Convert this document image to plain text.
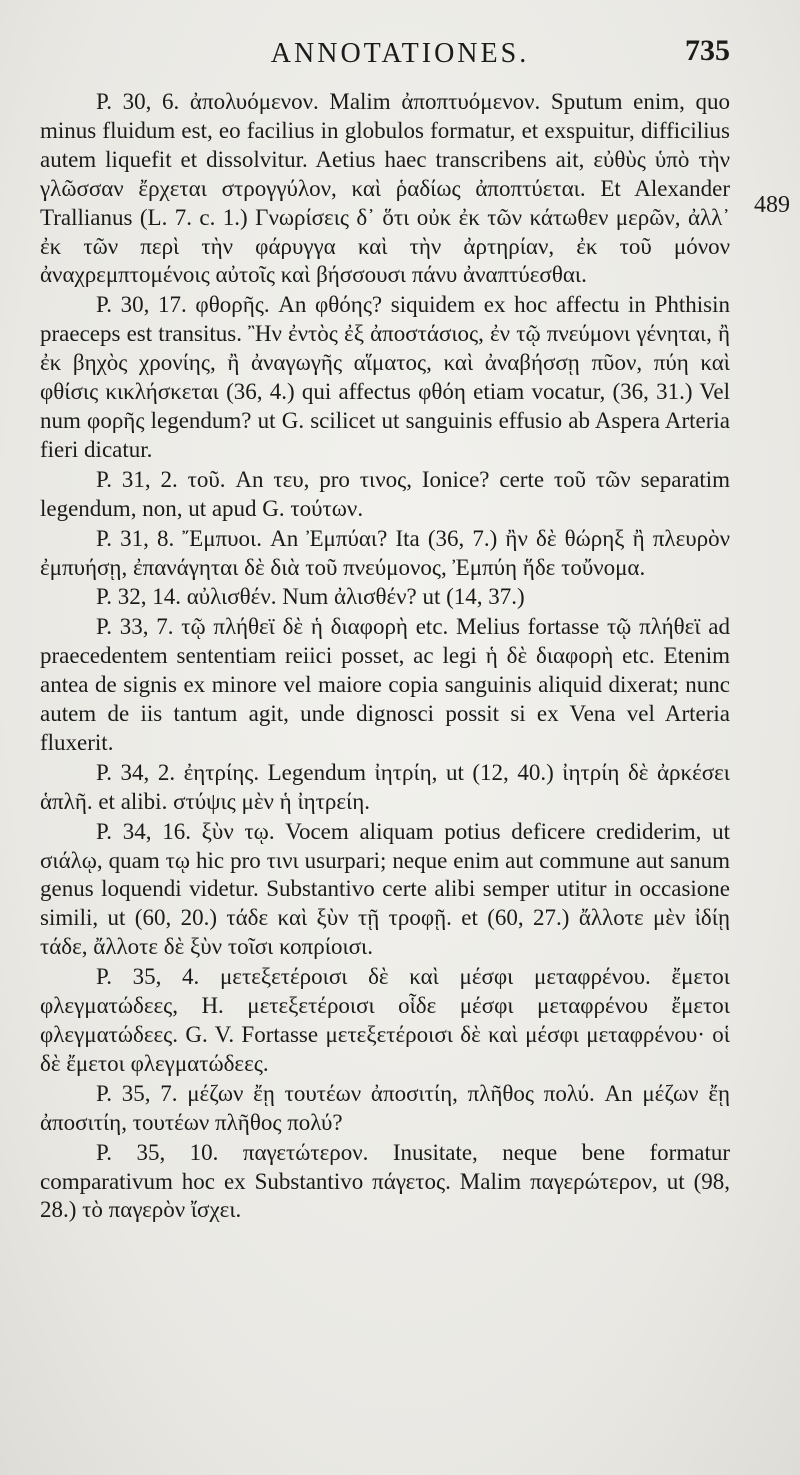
ANNOTATIONES.	735
489

P. 30, 6. ἀπολυόμενον. Malim ἀποπτυόμενον. Sputum enim, quo minus fluidum est, eo facilius in globulos formatur, et exspuitur, difficilius autem liquefit et dissolvitur. Aetius haec transcribens ait, εὐθὺς ὑπὸ τὴν γλῶσσαν ἔρχεται στρογγύλον, καὶ ῥαδίως ἀποπτύεται. Et Alexander Trallianus (L. 7. c. 1.) Γνωρίσεις δ᾽ ὅτι οὐκ ἐκ τῶν κάτωθεν μερῶν, ἀλλ᾽ ἐκ τῶν περὶ τὴν φάρυγγα καὶ τὴν ἀρτηρίαν, ἐκ τοῦ μόνον ἀναχρεμπτομένοις αὐτοῖς καὶ βήσσουσι πάνυ ἀναπτύεσθαι.

P. 30, 17. φθορῆς. An φθόης? siquidem ex hoc affectu in Phthisin praeceps est transitus. Ἢν ἐντὸς ἐξ ἀποστάσιος, ἐν τῷ πνεύμονι γένηται, ἢ ἐκ βηχὸς χρονίης, ἢ ἀναγωγῆς αἵματος, καὶ ἀναβήσσῃ πῦον, πύη καὶ φθίσις κικλήσκεται (36, 4.) qui affectus φθόη etiam vocatur, (36, 31.) Vel num φορῆς legendum? ut G. scilicet ut sanguinis effusio ab Aspera Arteria fieri dicatur.

P. 31, 2. τοῦ. An τευ, pro τινος, Ionice? certe τοῦ τῶν separatim legendum, non, ut apud G. τούτων.

P. 31, 8. Ἔμπυοι. An Ἐμπύαι? Ita (36, 7.) ἢν δὲ θώρηξ ἢ πλευρὸν ἐμπυήσῃ, ἐπανάγηται δὲ διὰ τοῦ πνεύμονος, Ἐμπύη ἥδε τοὔνομα.

P. 32, 14. αὐλισθέν. Num ἀλισθέν? ut (14, 37.)

P. 33, 7. τῷ πλήθεϊ δὲ ἡ διαφορὴ etc. Melius fortasse τῷ πλήθεϊ ad praecedentem sententiam reiici posset, ac legi ἡ δὲ διαφορὴ etc. Etenim antea de signis ex minore vel maiore copia sanguinis aliquid dixerat; nunc autem de iis tantum agit, unde dignosci possit si ex Vena vel Arteria fluxerit.

P. 34, 2. ἐητρίης. Legendum ἰητρίη, ut (12, 40.) ἰητρίη δὲ ἀρκέσει ἁπλῆ. et alibi. στύψις μὲν ἡ ἰητρείη.

P. 34, 16. ξὺν τῳ. Vocem aliquam potius deficere crediderim, ut σιάλῳ, quam τῳ hic pro τινι usurpari; neque enim aut commune aut sanum genus loquendi videtur. Substantivo certe alibi semper utitur in occasione simili, ut (60, 20.) τάδε καὶ ξὺν τῇ τροφῇ. et (60, 27.) ἄλλοτε μὲν ἰδίῃ τάδε, ἄλλοτε δὲ ξὺν τοῖσι κοπρίοισι.

P. 35, 4. μετεξετέροισι δὲ καὶ μέσφι μεταφρένου. ἔμετοι φλεγματώδεες, H. μετεξετέροισι οἷδε μέσφι μεταφρένου ἔμετοι φλεγματώδεες. G. V. Fortasse μετεξετέροισι δὲ καὶ μέσφι μεταφρένου· οἱ δὲ ἔμετοι φλεγματώδεες.

P. 35, 7. μέζων ἔῃ τουτέων ἀποσιτίη, πλῆθος πολύ. An μέζων ἔῃ ἀποσιτίη, τουτέων πλῆθος πολύ?

P. 35, 10. παγετώτερον. Inusitate, neque bene formatur comparativum hoc ex Substantivo πάγετος. Malim παγερώτερον, ut (98, 28.) τὸ παγερὸν ἴσχει.
